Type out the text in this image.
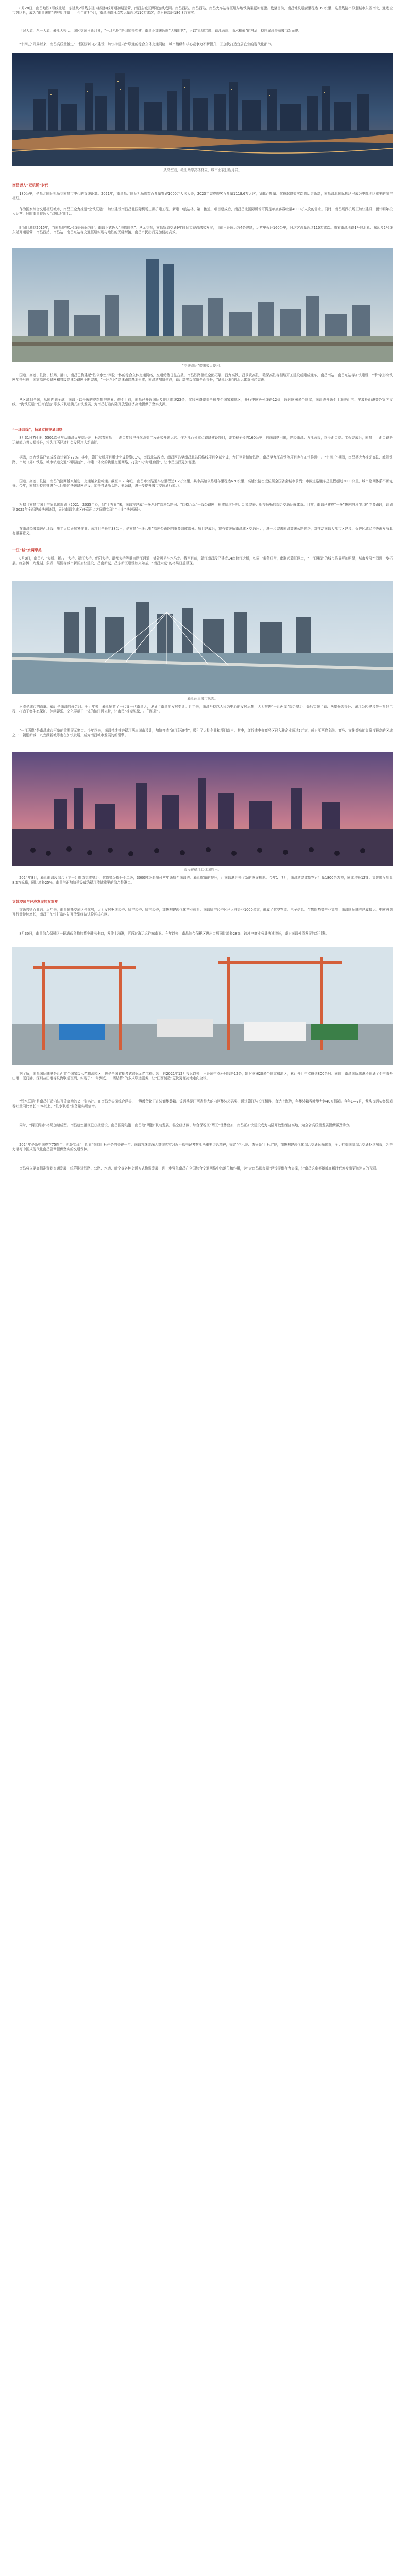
8月28日，南昌地铁1号线北延、东延及2号线东延3条延伸线开通初期运营，南昌主城区两端连线成网。南昌西站、南昌西站、南昌火车站等枢纽与地铁换乘更加便捷。截至目前，南昌地铁运营里程达160公里，这些线路串联起城市东西南北，通达全市各区县，成为“南昌速度”的鲜明注脚——今年前7个月，南昌地铁日均客运量超过110万乘次，单日最高达186.8万乘次。

世纪大道、八一大道、赣江大桥……城区交通日新月异，“一环八射”路网加快构建，南昌正加速迈向“大城时代”，正以“江城共融、赣江两岸、山水相依”的格局，持续展现美丽城市新面貌。

“十四五”开局以来，南昌高质量推进“一枢纽四中心”建设，加快构建内外联通的综合立体交通网络，城市能级和核心竞争力不断提升，正加快打造宜居宜业的现代化都市。

从高空看，赣江两岸高楼林立，城市面貌日新月异。

南昌迈入“双机场”时代

180公里，是昌北国际机场到南昌市中心的直线距离。2021年，南昌昌北国际机场旅客吞吐量突破1000万人次大关，2023年完成旅客吞吐量1118.6万人次，货邮吞吐量、航班起降架次均创历史新高，南昌昌北国际机场已成为中部地区重要的航空枢纽。

作为国家综合交通枢纽城市，南昌正全力推进“空铁联运”，加快建设南昌昌北国际机场三期扩建工程，新建T3航站楼、第二跑道，项目建成后，南昌昌北国际机场可满足年旅客吞吐量4000万人次的需求。同时，南昌瑶湖机场正加快建设，预计明年投入运营，届时南昌将迈入“双机场”时代。

时间回溯到2015年，当南昌地铁1号线开通运营时，南昌正式迈入“地铁时代”。从无到有，南昌轨道交通9年时间实现跨越式发展，目前已开通运营4条线路，运营里程达160公里，日均客流量超过110万乘次。随着南昌地铁1号线北延、东延及2号线东延开通运营，南昌西站、南昌站、南昌东站等交通枢纽实现与地铁的无缝衔接，南昌市民出行更加便捷高效。

“空铁联运”带来极大便利。

国道、高速、铁路、机场、港口，南昌已构建起“铁公水空”四位一体的综合立体交通网络，交通优势日益凸显。南昌铁路枢纽全面拓展，昌九高铁、昌景黄高铁、赣深高铁等相继开工建设或建成通车，南昌南站、南昌东站等加快建设，“米”字形高铁网加快形成；国家高速公路网和省级高速公路网不断完善，“一环八射”高速路网基本形成；南昌港加快建设，赣江高等级航道全面提升，“通江达海”的水运体系日趋完善。

从区域到全国，从国内到全球，南昌正以开放的姿态拥抱世界。截至目前，南昌已开通国际及地区航线23条，航线网络覆盖全球多个国家和地区；开行中欧班列线路12条，通达欧洲多个国家；南昌港开通至上海洋山港、宁波舟山港等外贸内支线，“海铁联运”“江海直达”等多式联运模式加快发展，为南昌打造内陆开放型经济高地提供了坚实支撑。

“一环四线”，畅通立体交通网络

8月31日7时许，5501次列车从南昌火车站开出，标志着南昌——湖口复线电气化改造工程正式开通运营。作为江西省重点铁路建设项目，该工程全长约160公里，自南昌站引出，途经南昌、九江两市，终至湖口站。工程完成后，南昌——湖口铁路运输能力将大幅提升，将为江西经济社会发展注入新动能。

据悉，南九铁路已完成改造计划的77%。其中，赣江大桥项目累计完成投资81%，南昌北站改造、南昌西站至南昌北站联络线项目全部完成，九江至景德镇铁路、南昌至九江高铁等项目也在加快推进中。“十四五”期间，南昌将大力推动高铁、城际铁路、市域（郊）铁路、城市轨道交通“四网融合”，构建一体化的轨道交通网络，打造“1小时通勤圈”，让市民出行更加便捷。

国道、高速、铁路，南昌的路网越来越密，交通越来越畅通。截至2023年底，南昌市公路通车总里程达1.2万公里，其中高速公路通车里程达670公里，高速公路密度位居全国省会城市前列；市区道路通车总里程超过2000公里，城市路网体系不断完善。今年，南昌将持续推进“一环四线”快速路网建设，加快打通断头路、瓶颈路，进一步提升城市交通通行能力。

根据《南昌市国土空间总体规划（2021—2035年）》，到“十五五”末，南昌将建成“一环八射”高速公路网、“四横八纵”干线公路网，形成层次分明、功能完善、衔接顺畅的综合交通运输体系。目前，南昌已建成“一环”快速路及“四线”主要路段，计划到2025年全面建成快速路网，届时南昌主城区任意两点之间将实现“半小时”快速通达。

在南昌绕城高速西环线，施工人员正加紧作业。该项目全长约38公里，是南昌“一环八射”高速公路网的重要组成部分。项目建成后，将有效缓解南昌城区交通压力，进一步完善南昌高速公路网络，对推动南昌大都市区建设、促进区域经济协调发展具有重要意义。

一江“城”水两岸美

8月8日，南昌八一大桥、新八一大桥、赣江大桥、朝阳大桥、洪都大桥等重点跨江通道，处处可见车水马龙。截至目前，赣江南昌段已建成14座跨江大桥，如同一条条纽带，串联起赣江两岸，“一江两岸”的城市格局更加明显，城市发展空间进一步拓展。红谷滩、九龙湖、象湖、瑶湖等城市新区加快建设，昌南新城、昌东新区建设如火如荼，“南昌大城”的格局日益显现。

赣江两岸城市风貌。

河流是城市的血脉，赣江是南昌的母亲河。千百年来，赣江哺育了一代又一代南昌人，见证了南昌的发展变迁。近年来，南昌坚持以人民为中心的发展思想，大力推进“一江两岸”综合整治，先后实施了赣江两岸景观提升、滨江公园建设等一系列工程，打造了集生态保护、休闲娱乐、文化展示于一体的滨江风光带，让市民“推窗见绿、出门见景”。

“一江两岸”是南昌城市形象的重要展示窗口。今年以来，南昌持续推进赣江两岸城市设计，加快打造“滨江经济带”，吸引了大批企业和项目落户。其中，红谷滩中央商务区已入驻企业超过2万家，成为江西省金融、商务、文化等功能集聚度最高的区域之一；朝阳新城、九龙湖新城等也在加快发展，成为南昌城市发展的新引擎。

市民在赣江边休闲娱乐。

2024年8月，赣江南昌段综合（主干）航道完成整治，航道等级提升至二级，3000吨级船舶可常年通航至南昌港。赣江航道的提升，让南昌港迎来了新的发展机遇。今年1—7月，南昌港完成货物吞吐量1800余万吨，同比增长12%；集装箱吞吐量8.2万标箱，同比增长25%，南昌港正加快建设成为赣江流域重要的综合性港口。

立体交通与经济发展的双重奏

交通兴则百业兴。近年来，南昌依托交通区位优势，大力发展枢纽经济、临空经济、临港经济，加快构建现代化产业体系。南昌临空经济区已入驻企业1000余家，形成了航空物流、电子信息、生物医药等产业集群；南昌国际陆港建成投运，中欧班列开行量持续增长，南昌正加快打造内陆开放型经济试验区核心区。

8月30日，南昌综合保税区一辆满载货物的货车驶出卡口，发往上海港，再通过海运运往东南亚。今年以来，南昌综合保税区进出口额同比增长28%，跨境电商业务量快速增长，成为南昌外贸发展的新引擎。

据了解，南昌国际陆港是江西首个国家级示范物流园区，也是全国首批多式联运示范工程。项目自2021年12月投运以来，已开通中欧班列线路12条，辐射欧洲20多个国家和地区，累计开行中欧班列800余列。同时，南昌国际陆港还开通了至宁波舟山港、厦门港、深圳盐田港等铁海联运班列，实现了“一单到底、一票结算”的多式联运服务，让“江西制造”更快更便捷地走向全球。

“铁水联运”是南昌打造内陆开放高地的又一张名片。在南昌龙头岗综合码头，一艘艘货轮正在装卸集装箱。该码头是江西省最大的内河集装箱码头，通过赣江与长江相连，直达上海港，年集装箱吞吐能力达40万标箱。今年1—7月，龙头岗码头集装箱吞吐量同比增长30%以上，“铁水联运”业务量实现倍增。

同时，“两区两港”格局加速成型。南昌航空港区已获批建设，南昌国际陆港、南昌港“两港”联动发展，临空经济区、综合保税区“两区”优势叠加，南昌正加快建设成为内陆开放型经济高地，为全省高质量发展提供强劲动力。

2024年是新中国成立75周年，也是实现“十四五”规划目标任务的关键一年。南昌将继续深入贯彻落实习近平总书记考察江西重要讲话精神，锚定“作示范、勇争先”目标定位，加快构建现代化综合交通运输体系，全力打造国家综合交通枢纽城市，为奋力谱写中国式现代化南昌篇章提供坚实的交通保障。

南昌将以更高标准谋划交通发展，统筹推进铁路、公路、水运、航空等各种交通方式协调发展，进一步强化南昌在全国综合交通网络中的地位和作用，为“大南昌都市圈”建设提供有力支撑，让南昌这座英雄城在新时代焕发出更加迷人的光彩。
